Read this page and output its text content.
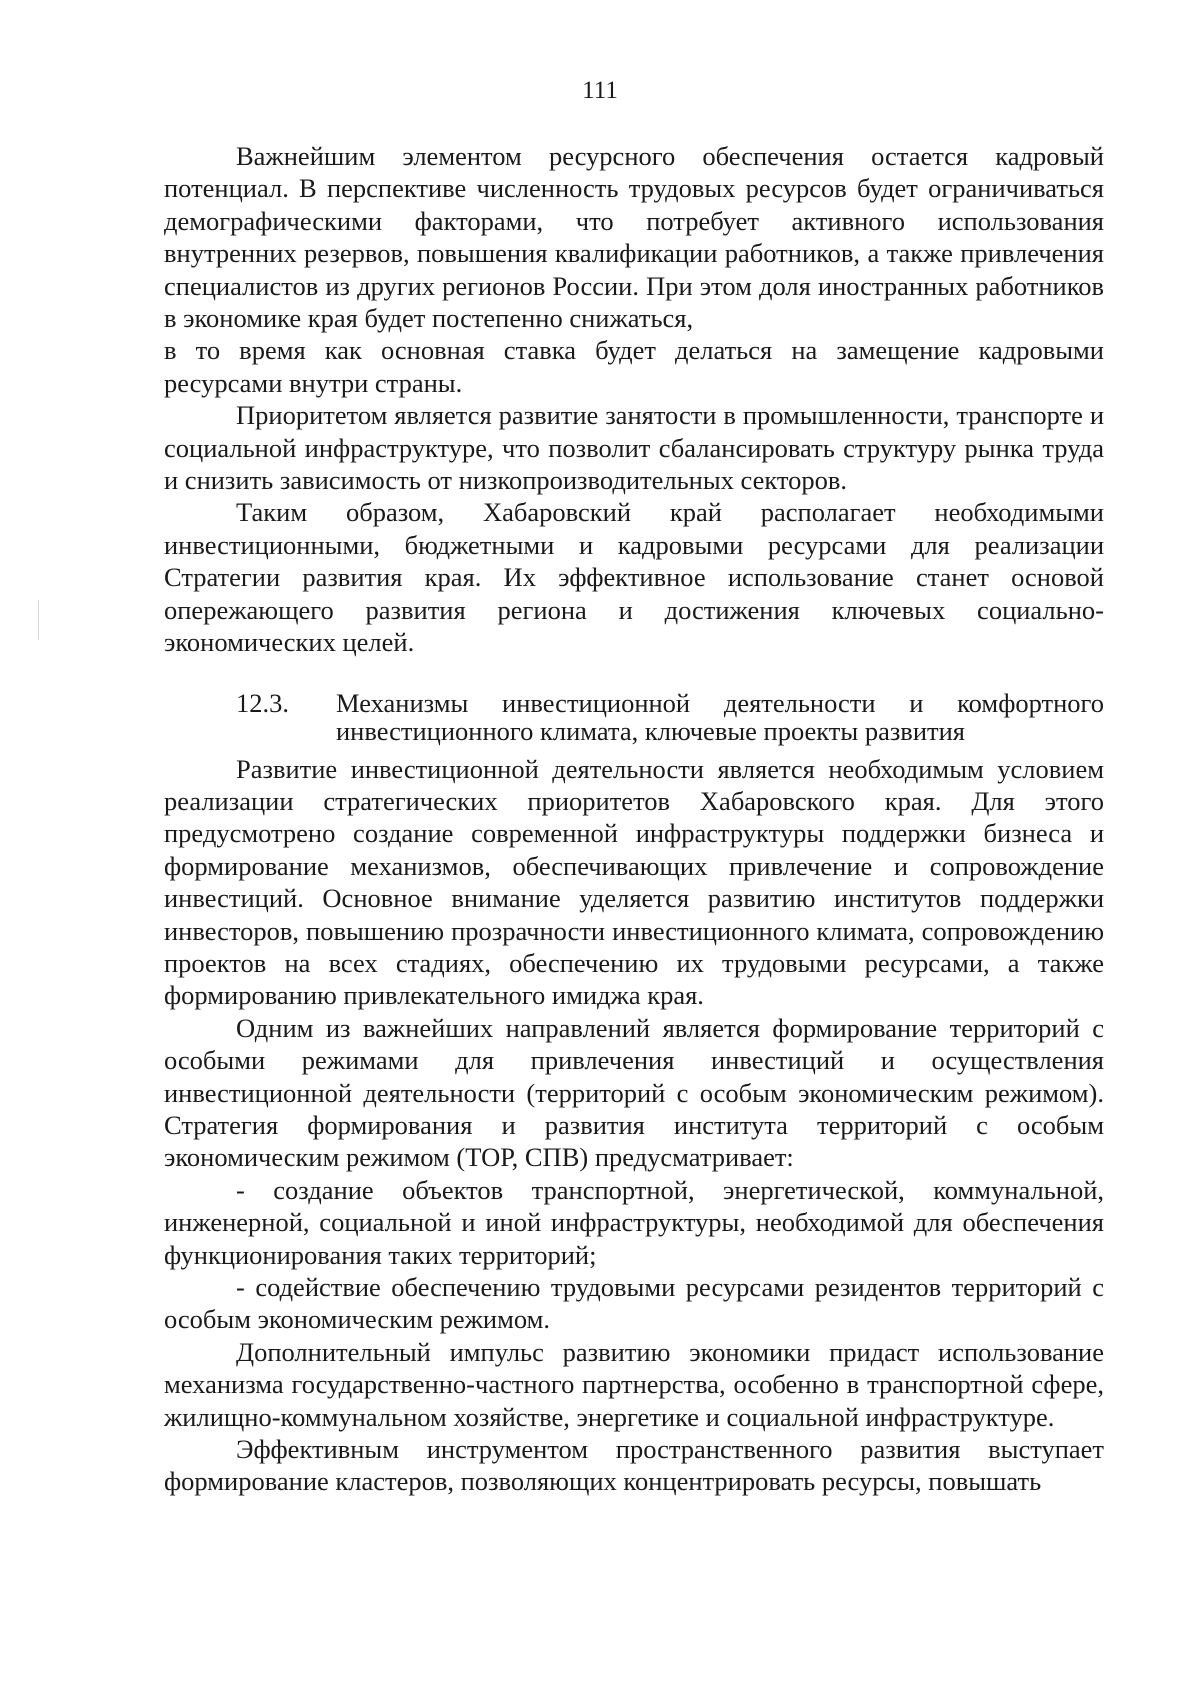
111

Важнейшим элементом ресурсного обеспечения остается кадровый потенциал. В перспективе численность трудовых ресурсов будет ограничиваться демографическими факторами, что потребует активного использования внутренних резервов, повышения квалификации работников, а также привлечения специалистов из других регионов России. При этом доля иностранных работников в экономике края будет постепенно снижаться,

в то время как основная ставка будет делаться на замещение кадровыми ресурсами внутри страны.

Приоритетом является развитие занятости в промышленности, транспорте и социальной инфраструктуре, что позволит сбалансировать структуру рынка труда и снизить зависимость от низкопроизводительных секторов.

Таким образом, Хабаровский край располагает необходимыми инвестиционными, бюджетными и кадровыми ресурсами для реализации Стратегии развития края. Их эффективное использование станет основой опережающего развития региона и достижения ключевых социально-экономических целей.

12.3.	Механизмы инвестиционной деятельности и комфортного
инвестиционного климата, ключевые проекты развития

Развитие инвестиционной деятельности является необходимым условием реализации стратегических приоритетов Хабаровского края. Для этого предусмотрено создание современной инфраструктуры поддержки бизнеса и формирование механизмов, обеспечивающих привлечение и сопровождение инвестиций. Основное внимание уделяется развитию институтов поддержки инвесторов, повышению прозрачности инвестиционного климата, сопровождению проектов на всех стадиях, обеспечению их трудовыми ресурсами, а также формированию привлекательного имиджа края.

Одним из важнейших направлений является формирование территорий с особыми режимами для привлечения инвестиций и осуществления инвестиционной деятельности (территорий с особым экономическим режимом). Стратегия формирования и развития института территорий с особым экономическим режимом (ТОР, СПВ) предусматривает:

- создание объектов транспортной, энергетической, коммунальной, инженерной, социальной и иной инфраструктуры, необходимой для обеспечения функционирования таких территорий;

- содействие обеспечению трудовыми ресурсами резидентов территорий с особым экономическим режимом.

Дополнительный импульс развитию экономики придаст использование механизма государственно-частного партнерства, особенно в транспортной сфере, жилищно-коммунальном хозяйстве, энергетике и социальной инфраструктуре.

Эффективным инструментом пространственного развития выступает формирование кластеров, позволяющих концентрировать ресурсы, повышать
